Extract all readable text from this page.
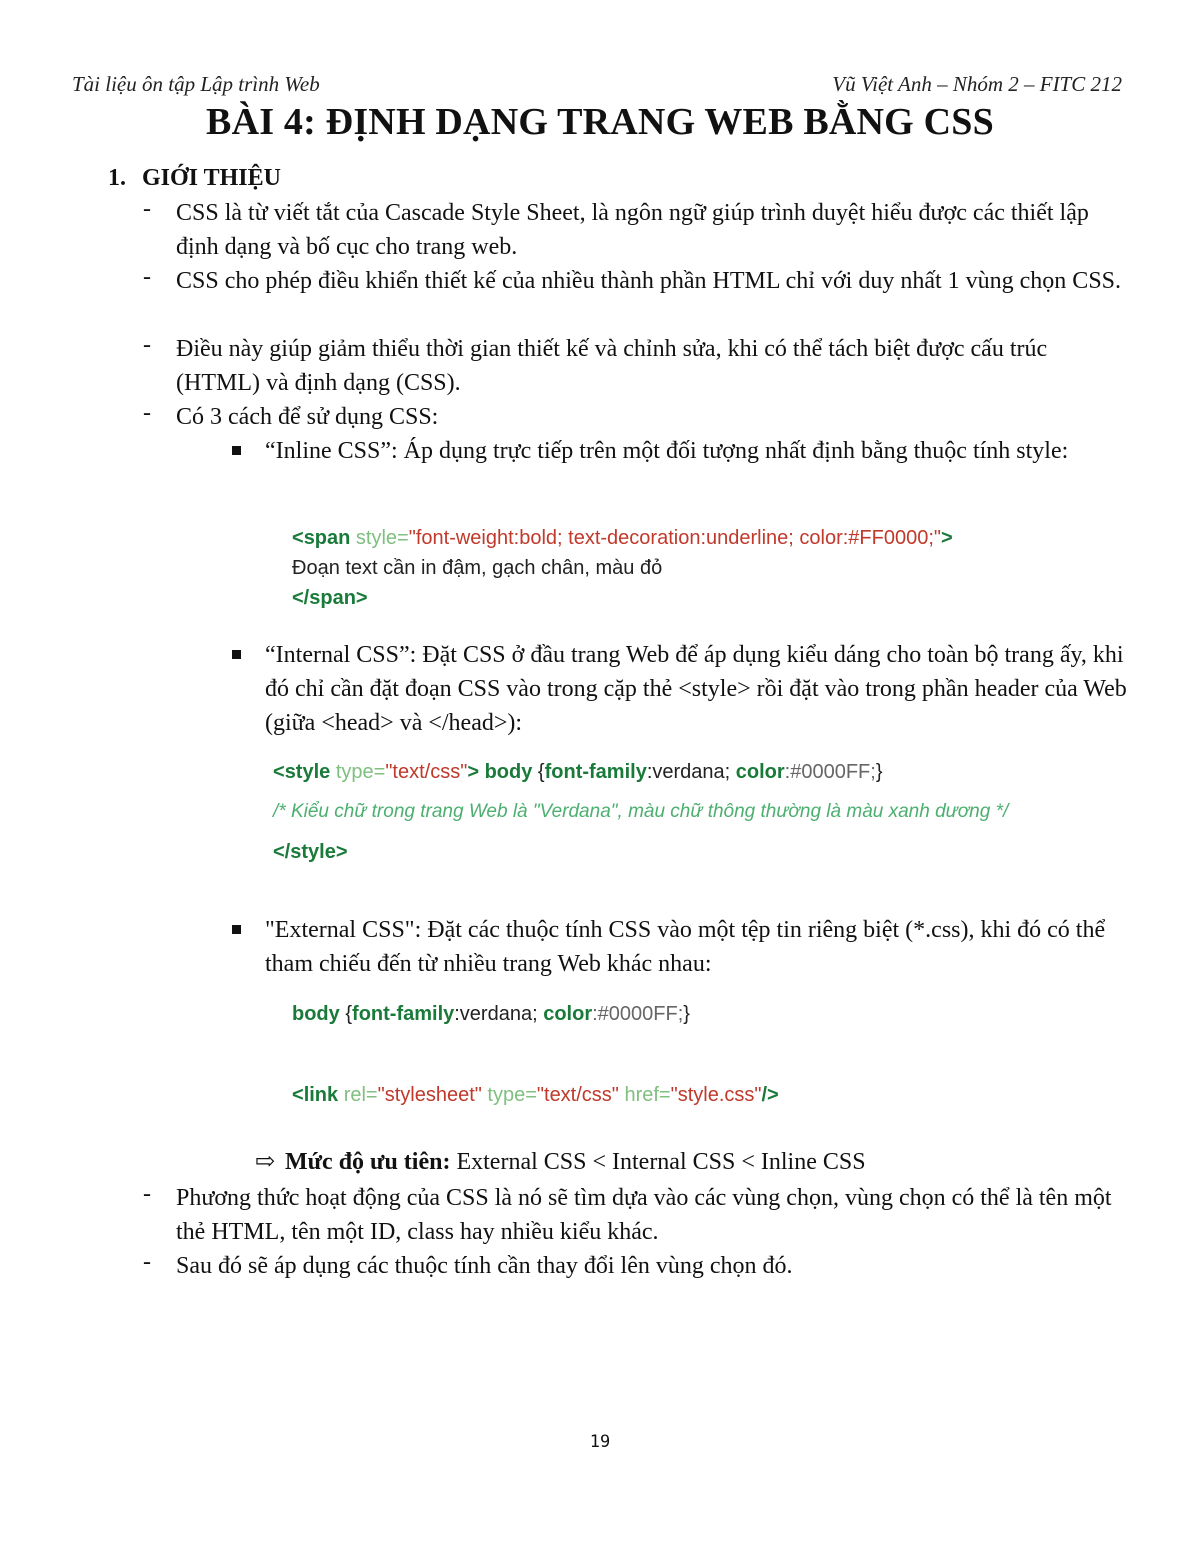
Tài liệu ôn tập Lập trình Web	Vũ Việt Anh – Nhóm 2 – FITC 212
BÀI 4: ĐỊNH DẠNG TRANG WEB BẰNG CSS
1. GIỚI THIỆU
- CSS là từ viết tắt của Cascade Style Sheet, là ngôn ngữ giúp trình duyệt hiểu được các thiết lập định dạng và bố cục cho trang web.
- CSS cho phép điều khiển thiết kế của nhiều thành phần HTML chỉ với duy nhất 1 vùng chọn CSS.
- Điều này giúp giảm thiểu thời gian thiết kế và chỉnh sửa, khi có thể tách biệt được cấu trúc (HTML) và định dạng (CSS).
- Có 3 cách để sử dụng CSS:
“Inline CSS”: Áp dụng trực tiếp trên một đối tượng nhất định bằng thuộc tính style:
<span style="font-weight:bold; text-decoration:underline; color:#FF0000;">
Đoạn text cần in đậm, gạch chân, màu đỏ
</span>
“Internal CSS”: Đặt CSS ở đầu trang Web để áp dụng kiểu dáng cho toàn bộ trang ấy, khi đó chỉ cần đặt đoạn CSS vào trong cặp thẻ <style> rồi đặt vào trong phần header của Web (giữa <head> và </head>):
<style type="text/css"> body {font-family:verdana; color:#0000FF;}
/* Kiểu chữ trong trang Web là "Verdana", màu chữ thông thường là màu xanh dương */
</style>
"External CSS": Đặt các thuộc tính CSS vào một tệp tin riêng biệt (*.css), khi đó có thể tham chiếu đến từ nhiều trang Web khác nhau:
body {font-family:verdana; color:#0000FF;}
<link rel="stylesheet" type="text/css" href="style.css"/>
⇨ Mức độ ưu tiên: External CSS < Internal CSS < Inline CSS
- Phương thức hoạt động của CSS là nó sẽ tìm dựa vào các vùng chọn, vùng chọn có thể là tên một thẻ HTML, tên một ID, class hay nhiều kiểu khác.
- Sau đó sẽ áp dụng các thuộc tính cần thay đổi lên vùng chọn đó.
19
